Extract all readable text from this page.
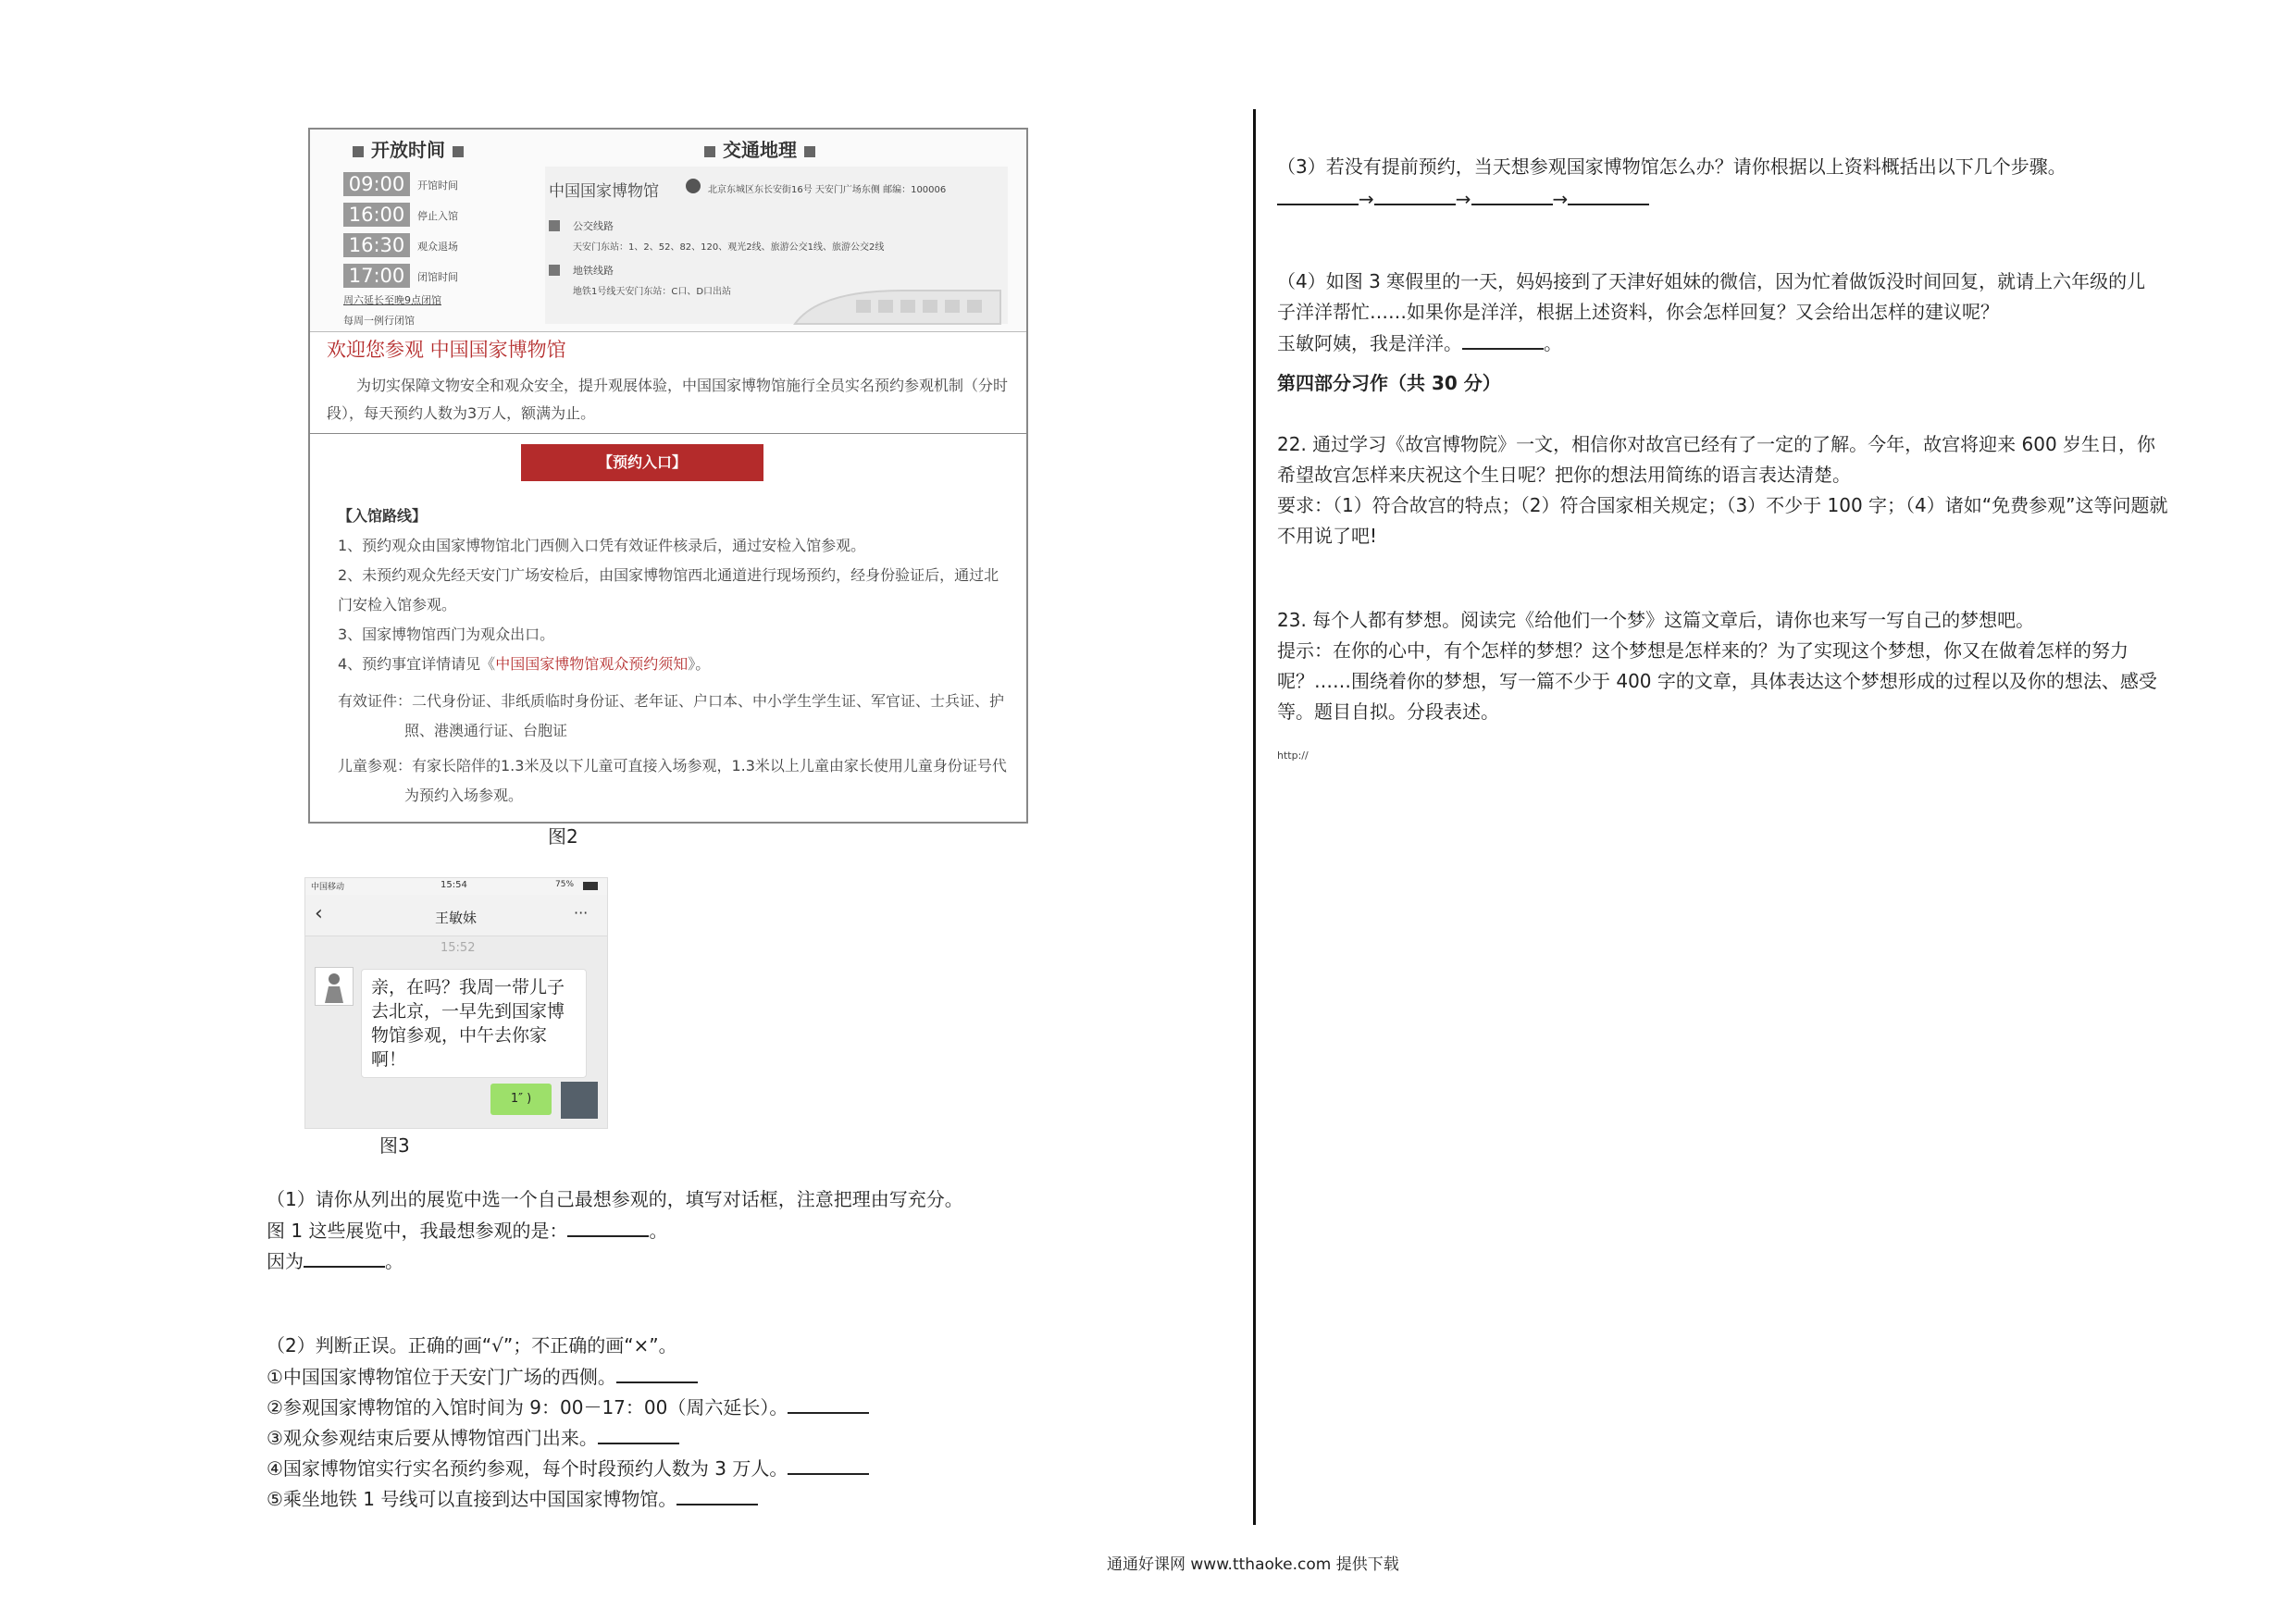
开放时间	交通地理
09:00	开馆时间
16:00	停止入馆
16:30	观众退场
17:00	闭馆时间
周六延长至晚9点闭馆
每周一例行闭馆
中国国家博物馆	北京东城区东长安街16号 天安门广场东侧 邮编：100006
公交线路
天安门东站：1、2、52、82、120、观光2线、旅游公交1线、旅游公交2线
地铁线路
地铁1号线天安门东站：C口、D口出站
欢迎您参观 中国国家博物馆
为切实保障文物安全和观众安全，提升观展体验，中国国家博物馆施行全员实名预约参观机制（分时段），每天预约人数为3万人，额满为止。
【预约入口】
【入馆路线】
1、预约观众由国家博物馆北门西侧入口凭有效证件核录后，通过安检入馆参观。
2、未预约观众先经天安门广场安检后，由国家博物馆西北通道进行现场预约，经身份验证后，通过北门安检入馆参观。
3、国家博物馆西门为观众出口。
4、预约事宜详情请见《中国国家博物馆观众预约须知》。
有效证件：二代身份证、非纸质临时身份证、老年证、户口本、中小学生学生证、军官证、士兵证、护照、港澳通行证、台胞证
儿童参观：有家长陪伴的1.3米及以下儿童可直接入场参观，1.3米以上儿童由家长使用儿童身份证号代为预约入场参观。
图2
中国移动	15:54	75%
‹	王敏妹	···
15:52
亲，在吗？我周一带儿子去北京，一早先到国家博物馆参观，中午去你家啊！
1″ )
图3
（1）请你从列出的展览中选一个自己最想参观的，填写对话框，注意把理由写充分。
图 1 这些展览中，我最想参观的是：	。
因为	。
（2）判断正误。正确的画“√”；不正确的画“×”。
①中国国家博物馆位于天安门广场的西侧。
②参观国家博物馆的入馆时间为 9：00－17：00（周六延长）。
③观众参观结束后要从博物馆西门出来。
④国家博物馆实行实名预约参观，每个时段预约人数为 3 万人。
⑤乘坐地铁 1 号线可以直接到达中国国家博物馆。
（3）若没有提前预约，当天想参观国家博物馆怎么办？请你根据以上资料概括出以下几个步骤。
→	→	→
（4）如图 3 寒假里的一天，妈妈接到了天津好姐妹的微信，因为忙着做饭没时间回复，就请上六年级的儿
子洋洋帮忙……如果你是洋洋，根据上述资料，你会怎样回复？又会给出怎样的建议呢？
玉敏阿姨，我是洋洋。	。
第四部分习作（共 30 分）
22. 通过学习《故宫博物院》一文，相信你对故宫已经有了一定的了解。今年，故宫将迎来 600 岁生日，你
希望故宫怎样来庆祝这个生日呢？把你的想法用简练的语言表达清楚。
要求：（1）符合故宫的特点；（2）符合国家相关规定；（3）不少于 100 字；（4）诸如“免费参观”这等问题就
不用说了吧!
23. 每个人都有梦想。阅读完《给他们一个梦》这篇文章后，请你也来写一写自己的梦想吧。
提示：在你的心中，有个怎样的梦想？这个梦想是怎样来的？为了实现这个梦想，你又在做着怎样的努力
呢？……围绕着你的梦想，写一篇不少于 400 字的文章，具体表达这个梦想形成的过程以及你的想法、感受
等。题目自拟。分段表述。
http://
通通好课网 www.tthaoke.com 提供下载
